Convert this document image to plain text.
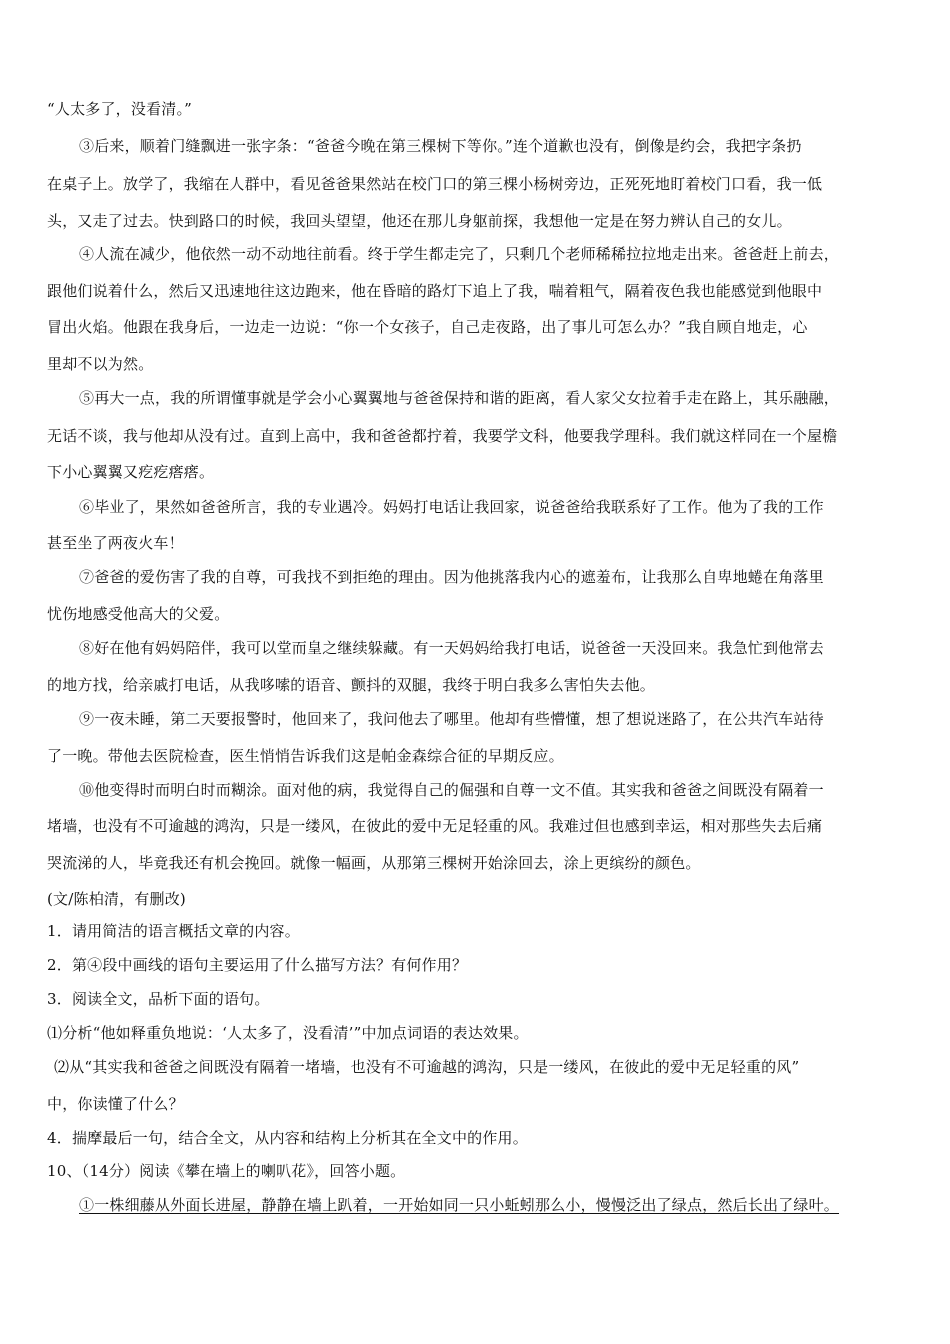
“人太多了，没看清。”
③后来，顺着门缝飘进一张字条：“爸爸今晚在第三棵树下等你。”连个道歉也没有，倒像是约会，我把字条扔
在桌子上。放学了，我缩在人群中，看见爸爸果然站在校门口的第三棵小杨树旁边，正死死地盯着校门口看，我一低
头，又走了过去。快到路口的时候，我回头望望，他还在那儿身躯前探，我想他一定是在努力辨认自己的女儿。
④人流在减少，他依然一动不动地往前看。终于学生都走完了，只剩几个老师稀稀拉拉地走出来。爸爸赶上前去，
跟他们说着什么，然后又迅速地往这边跑来，他在昏暗的路灯下追上了我，喘着粗气，隔着夜色我也能感觉到他眼中
冒出火焰。他跟在我身后，一边走一边说：“你一个女孩子，自己走夜路，出了事儿可怎么办？”我自顾自地走，心
里却不以为然。
⑤再大一点，我的所谓懂事就是学会小心翼翼地与爸爸保持和谐的距离，看人家父女拉着手走在路上，其乐融融，
无话不谈，我与他却从没有过。直到上高中，我和爸爸都拧着，我要学文科，他要我学理科。我们就这样同在一个屋檐
下小心翼翼又疙疙瘩瘩。
⑥毕业了，果然如爸爸所言，我的专业遇冷。妈妈打电话让我回家，说爸爸给我联系好了工作。他为了我的工作
甚至坐了两夜火车！
⑦爸爸的爱伤害了我的自尊，可我找不到拒绝的理由。因为他挑落我内心的遮羞布，让我那么自卑地蜷在角落里
忧伤地感受他高大的父爱。
⑧好在他有妈妈陪伴，我可以堂而皇之继续躲藏。有一天妈妈给我打电话，说爸爸一天没回来。我急忙到他常去
的地方找，给亲戚打电话，从我哆嗦的语音、颤抖的双腿，我终于明白我多么害怕失去他。
⑨一夜未睡，第二天要报警时，他回来了，我问他去了哪里。他却有些懵懂，想了想说迷路了，在公共汽车站待
了一晚。带他去医院检查，医生悄悄告诉我们这是帕金森综合征的早期反应。
⑩他变得时而明白时而糊涂。面对他的病，我觉得自己的倔强和自尊一文不值。其实我和爸爸之间既没有隔着一
堵墙，也没有不可逾越的鸿沟，只是一缕风，在彼此的爱中无足轻重的风。我难过但也感到幸运，相对那些失去后痛
哭流涕的人，毕竟我还有机会挽回。就像一幅画，从那第三棵树开始涂回去，涂上更缤纷的颜色。
(文/陈柏清，有删改)
1．请用简洁的语言概括文章的内容。
2．第④段中画线的语句主要运用了什么描写方法？有何作用？
3．阅读全文，品析下面的语句。
⑴分析“他如释重负地说：‘人太多了，没看清’”中加点词语的表达效果。
⑵从“其实我和爸爸之间既没有隔着一堵墙，也没有不可逾越的鸿沟，只是一缕风，在彼此的爱中无足轻重的风”
中，你读懂了什么？
4．揣摩最后一句，结合全文，从内容和结构上分析其在全文中的作用。
10、（14分）阅读《攀在墙上的喇叭花》，回答小题。
①一株细藤从外面长进屋，静静在墙上趴着，一开始如同一只小蚯蚓那么小，慢慢泛出了绿点，然后长出了绿叶。
